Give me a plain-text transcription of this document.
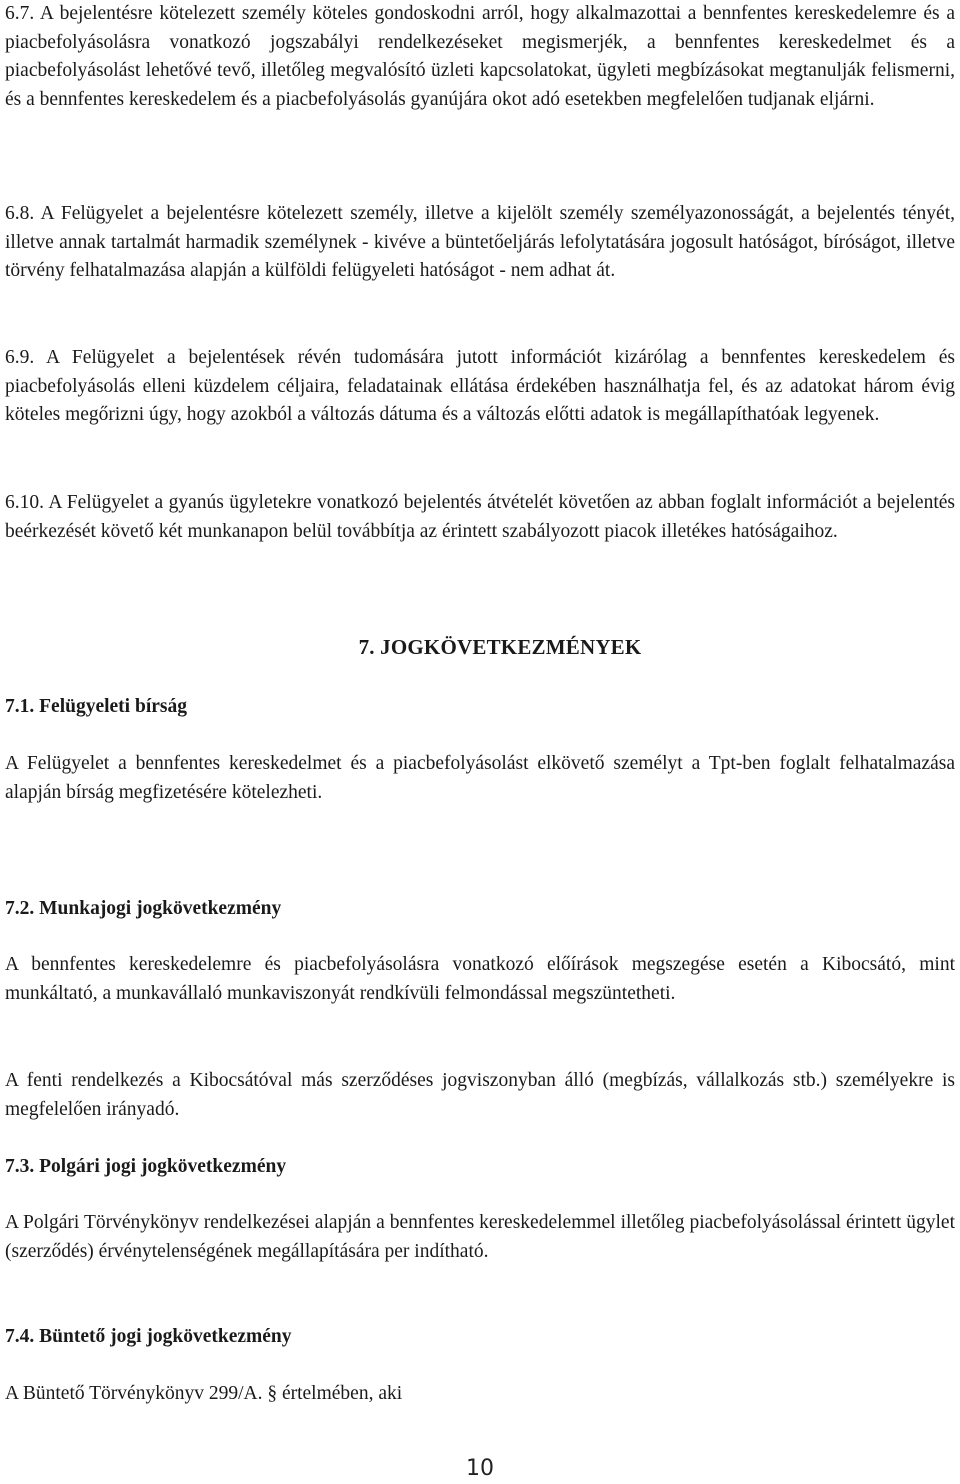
6.7. A bejelentésre kötelezett személy köteles gondoskodni arról, hogy alkalmazottai a bennfentes kereskedelemre és a piacbefolyásolásra vonatkozó jogszabályi rendelkezéseket megismerjék, a bennfentes kereskedelmet és a piacbefolyásolást lehetővé tevő, illetőleg megvalósító üzleti kapcsolatokat, ügyleti megbízásokat megtanulják felismerni, és a bennfentes kereskedelem és a piacbefolyásolás gyanújára okot adó esetekben megfelelően tudjanak eljárni.

6.8. A Felügyelet a bejelentésre kötelezett személy, illetve a kijelölt személy személyazonosságát, a bejelentés tényét, illetve annak tartalmát harmadik személynek - kivéve a büntetőeljárás lefolytatására jogosult hatóságot, bíróságot, illetve törvény felhatalmazása alapján a külföldi felügyeleti hatóságot - nem adhat át.

6.9. A Felügyelet a bejelentések révén tudomására jutott információt kizárólag a bennfentes kereskedelem és piacbefolyásolás elleni küzdelem céljaira, feladatainak ellátása érdekében használhatja fel, és az adatokat három évig köteles megőrizni úgy, hogy azokból a változás dátuma és a változás előtti adatok is megállapíthatóak legyenek.

6.10. A Felügyelet a gyanús ügyletekre vonatkozó bejelentés átvételét követően az abban foglalt információt a bejelentés beérkezését követő két munkanapon belül továbbítja az érintett szabályozott piacok illetékes hatóságaihoz.

7. JOGKÖVETKEZMÉNYEK
7.1. Felügyeleti bírság

A Felügyelet a bennfentes kereskedelmet és a piacbefolyásolást elkövető személyt a Tpt-ben foglalt felhatalmazása alapján bírság megfizetésére kötelezheti.

7.2. Munkajogi jogkövetkezmény

A bennfentes kereskedelemre és piacbefolyásolásra vonatkozó előírások megszegése esetén a Kibocsátó, mint munkáltató, a munkavállaló munkaviszonyát rendkívüli felmondással megszüntetheti.

A fenti rendelkezés a Kibocsátóval más szerződéses jogviszonyban álló (megbízás, vállalkozás stb.) személyekre is megfelelően irányadó.

7.3. Polgári jogi jogkövetkezmény

A Polgári Törvénykönyv rendelkezései alapján a bennfentes kereskedelemmel illetőleg piacbefolyásolással érintett ügylet (szerződés) érvénytelenségének megállapítására per indítható.

7.4. Büntető jogi jogkövetkezmény

A Büntető Törvénykönyv 299/A. § értelmében, aki

10
